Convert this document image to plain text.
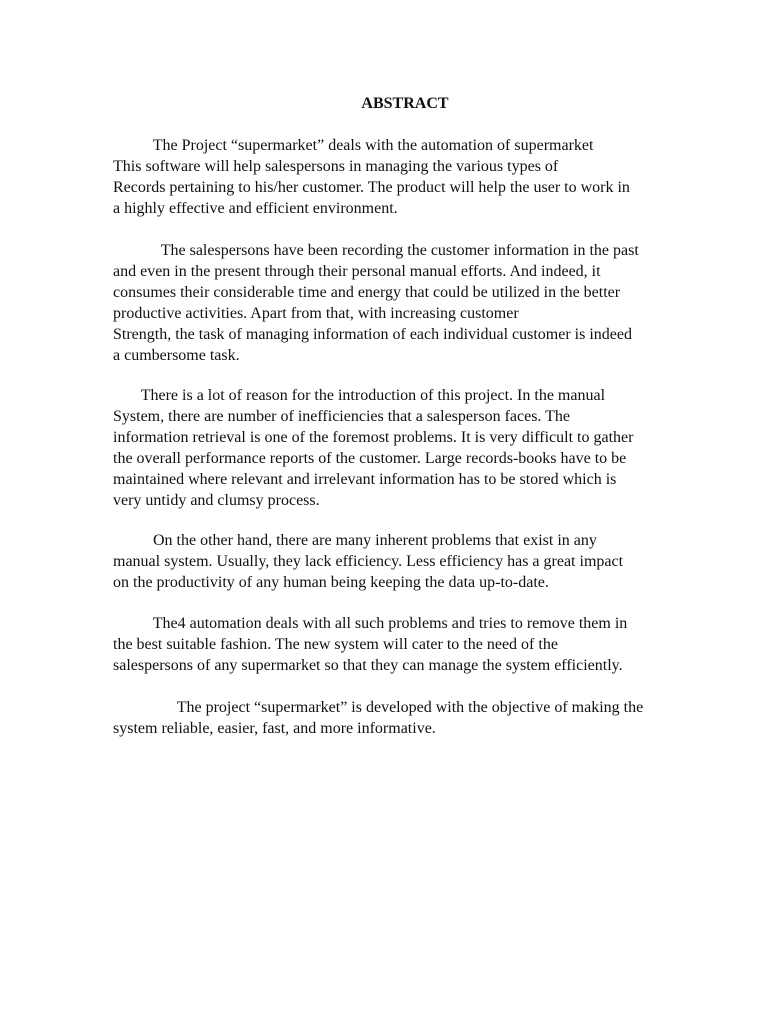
ABSTRACT
The Project “supermarket” deals with the automation of supermarket
This software will help salespersons in managing the various types of
Records pertaining to his/her customer. The product will help the user to work in
a highly effective and efficient environment.
The salespersons have been recording the customer information in the past
and even in the present through their personal manual efforts. And indeed, it
consumes their considerable time and energy that could be utilized in the better
productive activities. Apart from that, with increasing customer
Strength, the task of managing information of each individual customer is indeed
a cumbersome task.
There is a lot of reason for the introduction of this project. In the manual
System, there are number of inefficiencies that a salesperson faces. The
information retrieval is one of the foremost problems. It is very difficult to gather
the overall performance reports of the customer. Large records-books have to be
maintained where relevant and irrelevant information has to be stored which is
very untidy and clumsy process.
On the other hand, there are many inherent problems that exist in any
manual system. Usually, they lack efficiency. Less efficiency has a great impact
on the productivity of any human being keeping the data up-to-date.
The4 automation deals with all such problems and tries to remove them in
the best suitable fashion. The new system will cater to the need of the
salespersons of any supermarket so that they can manage the system efficiently.
The project “supermarket” is developed with the objective of making the
system reliable, easier, fast, and more informative.
